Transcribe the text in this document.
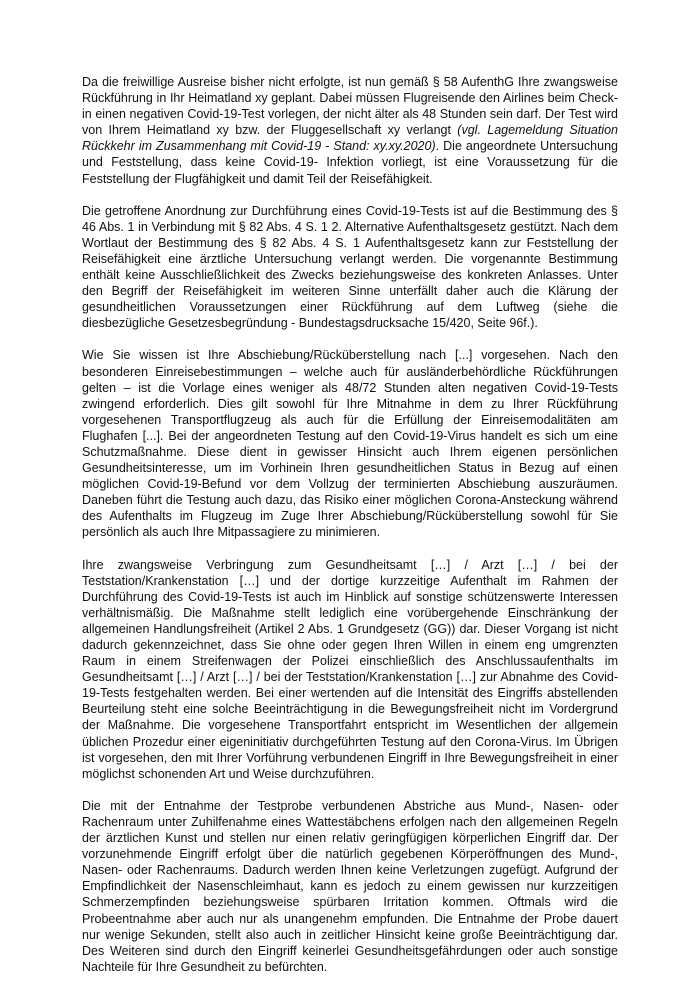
Da die freiwillige Ausreise bisher nicht erfolgte, ist nun gemäß § 58 AufenthG Ihre zwangsweise Rückführung in Ihr Heimatland xy geplant. Dabei müssen Flugreisende den Airlines beim Check-in einen negativen Covid-19-Test vorlegen, der nicht älter als 48 Stunden sein darf. Der Test wird von Ihrem Heimatland xy bzw. der Fluggesellschaft xy verlangt (vgl. Lagemeldung Situation Rückkehr im Zusammenhang mit Covid-19 - Stand: xy.xy.2020). Die angeordnete Untersuchung und Feststellung, dass keine Covid-19- Infektion vorliegt, ist eine Voraussetzung für die Feststellung der Flugfähigkeit und damit Teil der Reisefähigkeit.

Die getroffene Anordnung zur Durchführung eines Covid-19-Tests ist auf die Bestimmung des § 46 Abs. 1 in Verbindung mit § 82 Abs. 4 S. 1 2. Alternative Aufenthaltsgesetz gestützt. Nach dem Wortlaut der Bestimmung des § 82 Abs. 4 S. 1 Aufenthaltsgesetz kann zur Feststellung der Reisefähigkeit eine ärztliche Untersuchung verlangt werden. Die vorgenannte Bestimmung enthält keine Ausschließlichkeit des Zwecks beziehungsweise des konkreten Anlasses. Unter den Begriff der Reisefähigkeit im weiteren Sinne unterfällt daher auch die Klärung der gesundheitlichen Voraussetzungen einer Rückführung auf dem Luftweg (siehe die diesbezügliche Gesetzesbegründung - Bundestagsdrucksache 15/420, Seite 96f.).

Wie Sie wissen ist Ihre Abschiebung/Rücküberstellung nach [...] vorgesehen. Nach den besonderen Einreisebestimmungen – welche auch für ausländerbehördliche Rückführungen gelten – ist die Vorlage eines weniger als 48/72 Stunden alten negativen Covid-19-Tests zwingend erforderlich. Dies gilt sowohl für Ihre Mitnahme in dem zu Ihrer Rückführung vorgesehenen Transportflugzeug als auch für die Erfüllung der Einreisemodalitäten am Flughafen [...]. Bei der angeordneten Testung auf den Covid-19-Virus handelt es sich um eine Schutzmaßnahme. Diese dient in gewisser Hinsicht auch Ihrem eigenen persönlichen Gesundheitsinteresse, um im Vorhinein Ihren gesundheitlichen Status in Bezug auf einen möglichen Covid-19-Befund vor dem Vollzug der terminierten Abschiebung auszuräumen. Daneben führt die Testung auch dazu, das Risiko einer möglichen Corona-Ansteckung während des Aufenthalts im Flugzeug im Zuge Ihrer Abschiebung/Rücküberstellung sowohl für Sie persönlich als auch Ihre Mitpassagiere zu minimieren.

Ihre zwangsweise Verbringung zum Gesundheitsamt […] / Arzt […] / bei der Teststation/Krankenstation […] und der dortige kurzzeitige Aufenthalt im Rahmen der Durchführung des Covid-19-Tests ist auch im Hinblick auf sonstige schützenswerte Interessen verhältnismäßig. Die Maßnahme stellt lediglich eine vorübergehende Einschränkung der allgemeinen Handlungsfreiheit (Artikel 2 Abs. 1 Grundgesetz (GG)) dar. Dieser Vorgang ist nicht dadurch gekennzeichnet, dass Sie ohne oder gegen Ihren Willen in einem eng umgrenzten Raum in einem Streifenwagen der Polizei einschließlich des Anschlussaufenthalts im Gesundheitsamt […] / Arzt […] / bei der Teststation/Krankenstation […] zur Abnahme des Covid-19-Tests festgehalten werden. Bei einer wertenden auf die Intensität des Eingriffs abstellenden Beurteilung steht eine solche Beeinträchtigung in die Bewegungsfreiheit nicht im Vordergrund der Maßnahme. Die vorgesehene Transportfahrt entspricht im Wesentlichen der allgemein üblichen Prozedur einer eigeninitiativ durchgeführten Testung auf den Corona-Virus. Im Übrigen ist vorgesehen, den mit Ihrer Vorführung verbundenen Eingriff in Ihre Bewegungsfreiheit in einer möglichst schonenden Art und Weise durchzuführen.

Die mit der Entnahme der Testprobe verbundenen Abstriche aus Mund-, Nasen- oder Rachenraum unter Zuhilfenahme eines Wattestäbchens erfolgen nach den allgemeinen Regeln der ärztlichen Kunst und stellen nur einen relativ geringfügigen körperlichen Eingriff dar. Der vorzunehmende Eingriff erfolgt über die natürlich gegebenen Körperöffnungen des Mund-, Nasen- oder Rachenraums. Dadurch werden Ihnen keine Verletzungen zugefügt. Aufgrund der Empfindlichkeit der Nasenschleimhaut, kann es jedoch zu einem gewissen nur kurzzeitigen Schmerzempfinden beziehungsweise spürbaren Irritation kommen. Oftmals wird die Probeentnahme aber auch nur als unangenehm empfunden. Die Entnahme der Probe dauert nur wenige Sekunden, stellt also auch in zeitlicher Hinsicht keine große Beeinträchtigung dar. Des Weiteren sind durch den Eingriff keinerlei Gesundheitsgefährdungen oder auch sonstige Nachteile für Ihre Gesundheit zu befürchten.
